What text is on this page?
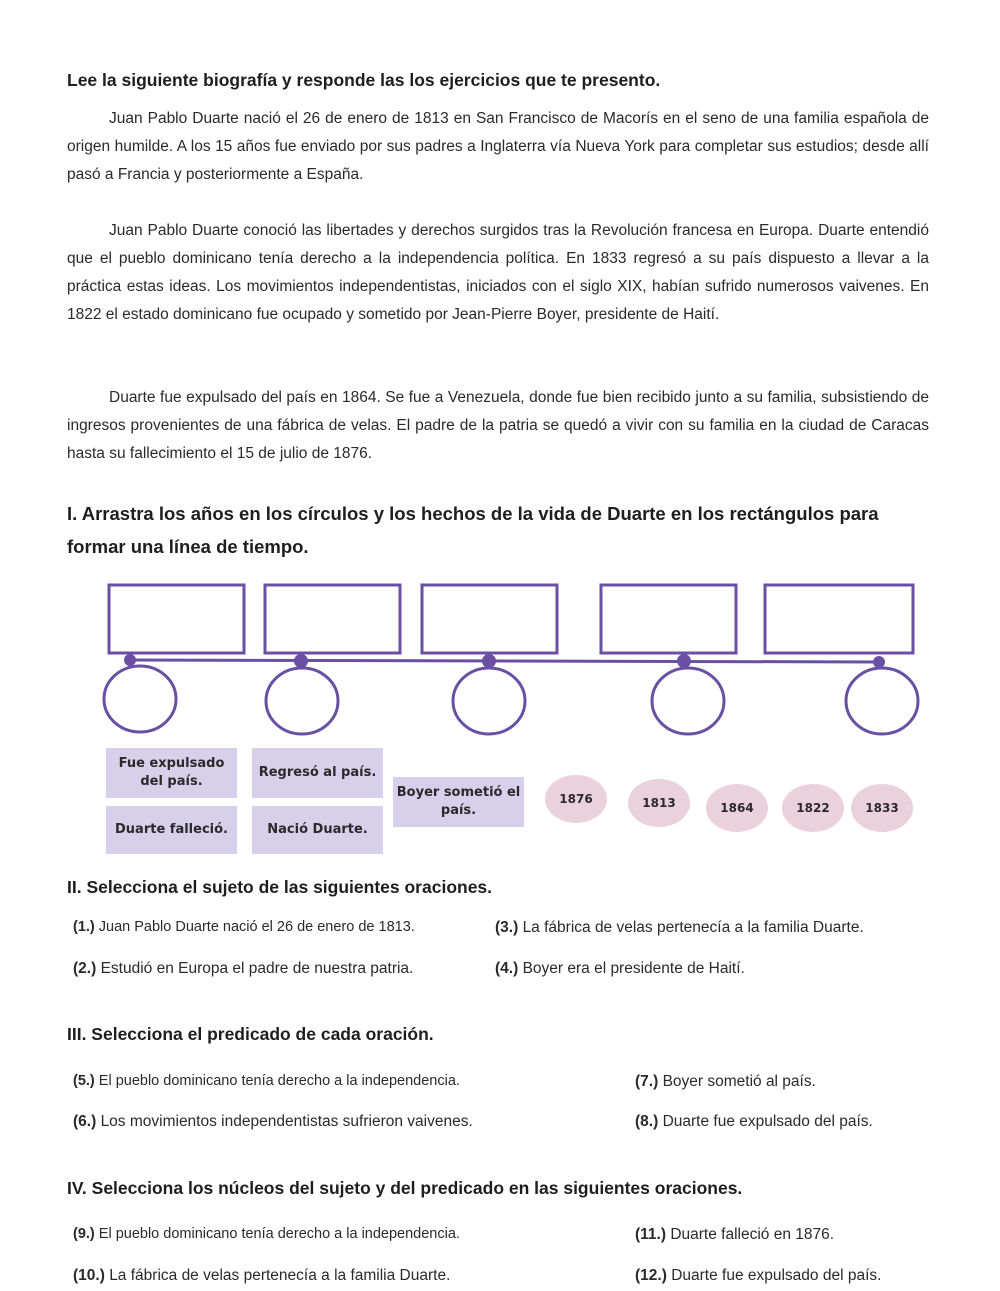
Lee la siguiente biografía y responde las los ejercicios que te presento.
Juan Pablo Duarte nació el 26 de enero de 1813 en San Francisco de Macorís en el seno de una familia española de origen humilde. A los 15 años fue enviado por sus padres a Inglaterra vía Nueva York para completar sus estudios; desde allí pasó a Francia y posteriormente a España.
Juan Pablo Duarte conoció las libertades y derechos surgidos tras la Revolución francesa en Europa. Duarte entendió que el pueblo dominicano tenía derecho a la independencia política. En 1833 regresó a su país dispuesto a llevar a la práctica estas ideas. Los movimientos independentistas, iniciados con el siglo XIX, habían sufrido numerosos vaivenes. En 1822 el estado dominicano fue ocupado y sometido por Jean-Pierre Boyer, presidente de Haití.
Duarte fue expulsado del país en 1864. Se fue a Venezuela, donde fue bien recibido junto a su familia, subsistiendo de ingresos provenientes de una fábrica de velas. El padre de la patria se quedó a vivir con su familia en la ciudad de Caracas hasta su fallecimiento el 15 de julio de 1876.
I. Arrastra los años en los círculos y los hechos de la vida de Duarte en los rectángulos para
formar una línea de tiempo.
Fue expulsado del país.
Regresó al país.
Boyer sometió el país.
Duarte falleció.	Nació Duarte.
1876	1813	1864	1822	1833
II. Selecciona el sujeto de las siguientes oraciones.
(1.) Juan Pablo Duarte nació el 26 de enero de 1813.
(2.) Estudió en Europa el padre de nuestra patria.
(3.) La fábrica de velas pertenecía a la familia Duarte.
(4.) Boyer era el presidente de Haití.
III. Selecciona el predicado de cada oración.
(5.) El pueblo dominicano tenía derecho a la independencia.
(6.) Los movimientos independentistas sufrieron vaivenes.
(7.) Boyer sometió al país.
(8.) Duarte fue expulsado del país.
IV. Selecciona los núcleos del sujeto y del predicado en las siguientes oraciones.
(9.) El pueblo dominicano tenía derecho a la independencia.
(10.) La fábrica de velas pertenecía a la familia Duarte.
(11.) Duarte falleció en 1876.
(12.) Duarte fue expulsado del país.
